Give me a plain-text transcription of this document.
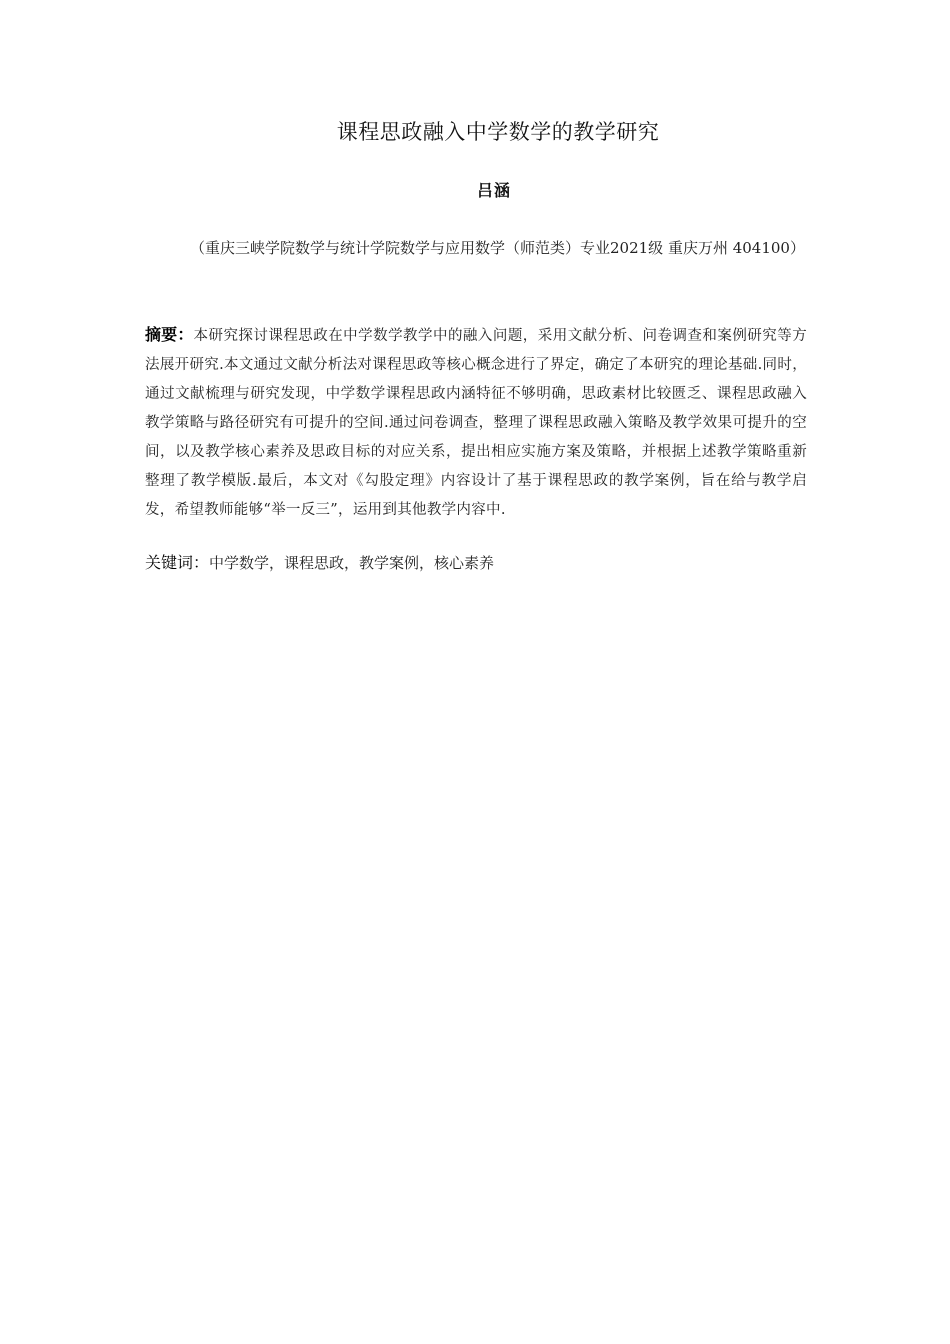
课程思政融入中学数学的教学研究
吕涵
（重庆三峡学院数学与统计学院数学与应用数学（师范类）专业2021级 重庆万州 404100）
摘要：本研究探讨课程思政在中学数学教学中的融入问题，采用文献分析、问卷调查和案例研究等方法展开研究.本文通过文献分析法对课程思政等核心概念进行了界定，确定了本研究的理论基础.同时，通过文献梳理与研究发现，中学数学课程思政内涵特征不够明确，思政素材比较匮乏、课程思政融入教学策略与路径研究有可提升的空间.通过问卷调查，整理了课程思政融入策略及教学效果可提升的空间，以及教学核心素养及思政目标的对应关系，提出相应实施方案及策略，并根据上述教学策略重新整理了教学模版.最后，本文对《勾股定理》内容设计了基于课程思政的教学案例，旨在给与教学启发，希望教师能够“举一反三”，运用到其他教学内容中.
关键词：中学数学，课程思政，教学案例，核心素养
